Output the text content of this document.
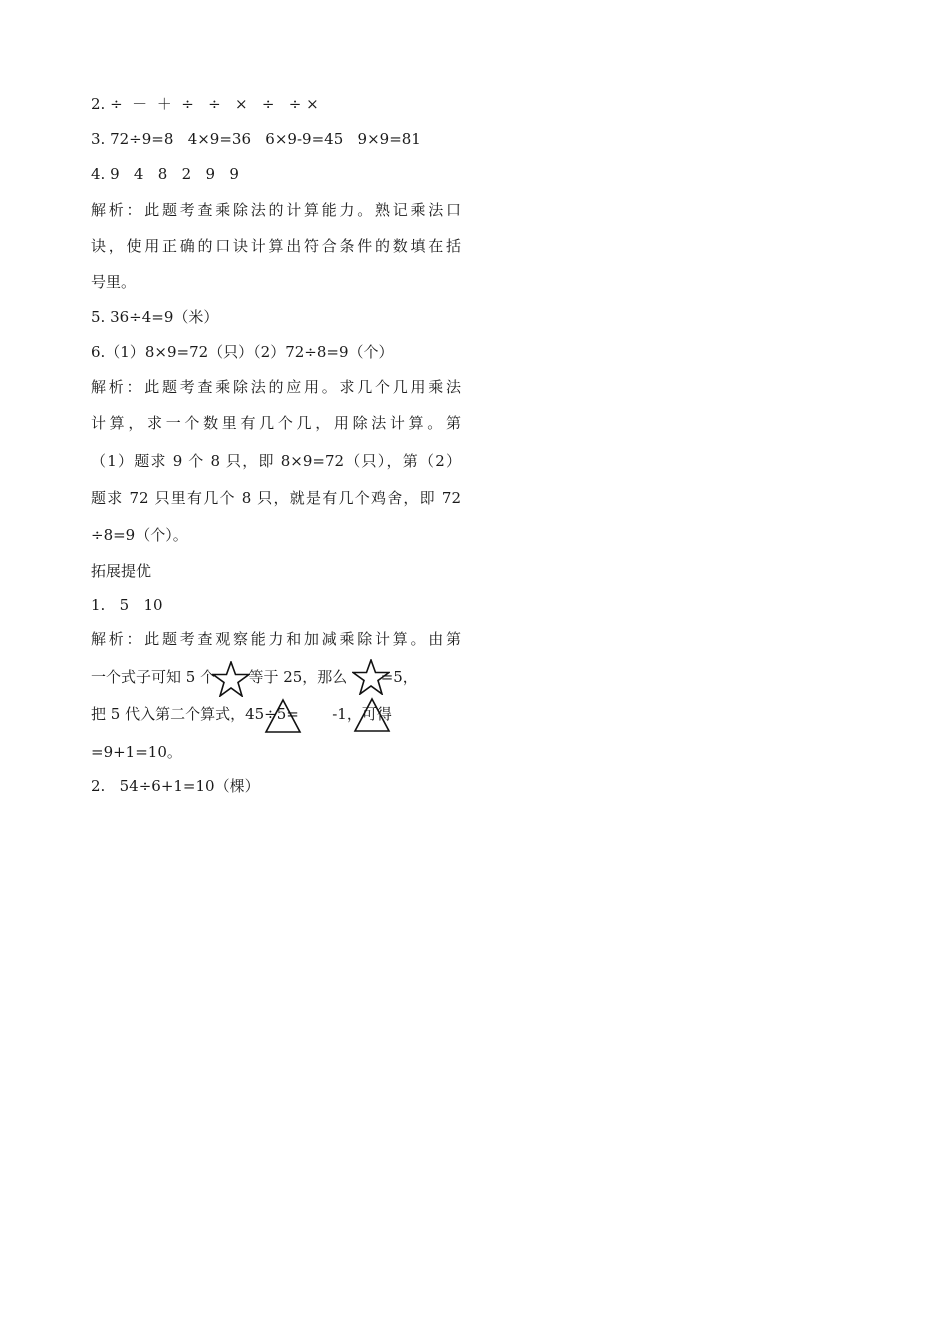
2. ÷  －  ＋  ÷   ÷   ×   ÷   ÷ ×
3. 72÷9=8   4×9=36   6×9-9=45   9×9=81
4. 9   4   8   2   9   9
解析：此题考查乘除法的计算能力。熟记乘法口
诀，使用正确的口诀计算出符合条件的数填在括
号里。
5. 36÷4=9（米）
6.（1）8×9=72（只）（2）72÷8=9（个）
解析：此题考查乘除法的应用。求几个几用乘法
计算，求一个数里有几个几，用除法计算。第
（1）题求 9 个 8 只，即 8×9=72（只），第（2）
题求 72 只里有几个 8 只，就是有几个鸡舍，即 72
÷8=9（个）。
拓展提优
1.   5   10
解析：此题考查观察能力和加减乘除计算。由第
一个式子可知 5 个       等于 25，那么       =5，
把 5 代入第二个算式，45÷5=       -1，可得
=9+1=10。
2.   54÷6+1=10（棵）
